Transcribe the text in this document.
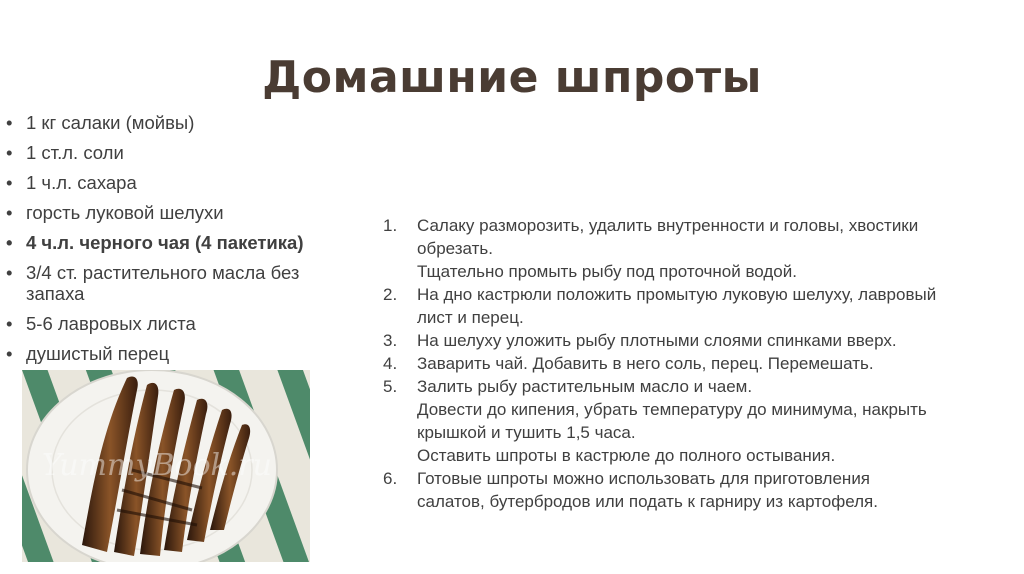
Домашние шпроты
• 1 кг салаки (мойвы)
• 1 ст.л. соли
• 1 ч.л. сахара
• горсть луковой шелухи
• 4 ч.л. черного чая (4 пакетика)
• 3/4 ст. растительного масла без запаха
• 5-6 лавровых листа
• душистый перец
YummyBook.ru
1. Салаку разморозить, удалить внутренности и головы, хвостики
обрезать.
Тщательно промыть рыбу под проточной водой.
2. На дно кастрюли положить промытую луковую шелуху, лавровый
лист и перец.
3. На шелуху уложить рыбу плотными слоями спинками вверх.
4. Заварить чай. Добавить в него соль, перец. Перемешать.
5. Залить рыбу растительным масло и чаем.
Довести до кипения, убрать температуру до минимума, накрыть
крышкой и тушить 1,5 часа.
Оставить шпроты в кастрюле до полного остывания.
6. Готовые шпроты можно использовать для приготовления
салатов, бутербродов или подать к гарниру из картофеля.
